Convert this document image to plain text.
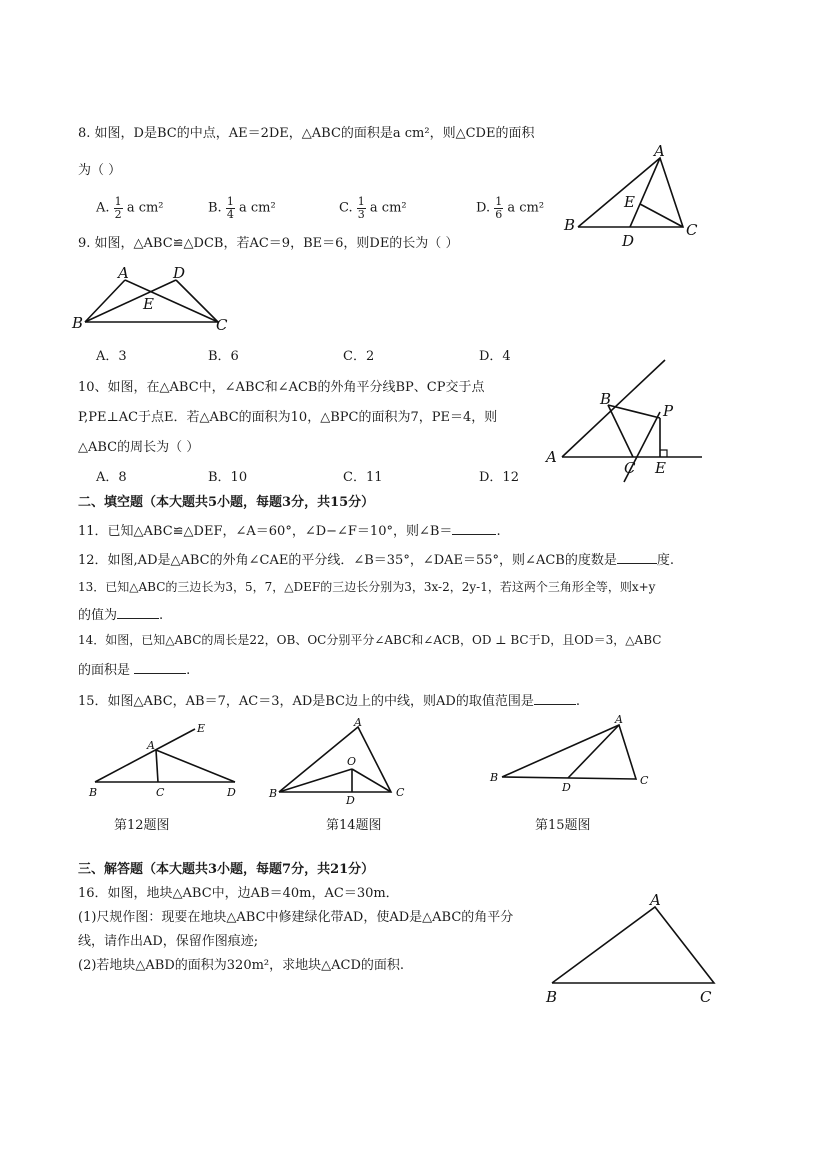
8. 如图，D是BC的中点，AE＝2DE，△ABC的面积是a cm²，则△CDE的面积
为（ ）
A. $\frac{1}{2}$ a cm²	B. $\frac{1}{4}$ a cm²	C. $\frac{1}{3}$ a cm²	D. $\frac{1}{6}$ a cm²
A
B	C
D
E
9. 如图，△ABC≌△DCB，若AC＝9，BE＝6，则DE的长为（ ）
A	D
E
B	C
A．3	B．6	C．2	D．4
10、如图，在△ABC中，∠ABC和∠ACB的外角平分线BP、CP交于点
P,PE⊥AC于点E．若△ABC的面积为10，△BPC的面积为7，PE＝4，则
△ABC的周长为（ ）
A
B
P
C E
A．8	B．10	C．11	D．12
二、填空题（本大题共5小题，每题3分，共15分）
11．已知△ABC≌△DEF，∠A＝60°，∠D−∠F＝10°，则∠B＝	.
12．如图,AD是△ABC的外角∠CAE的平分线．∠B＝35°，∠DAE＝55°，则∠ACB的度数是	度.
13．已知△ABC的三边长为3，5，7，△DEF的三边长分别为3，3x-2，2y-1，若这两个三角形全等，则x+y
的值为	.
14．如图，已知△ABC的周长是22，OB、OC分别平分∠ABC和∠ACB，OD ⊥ BC于D，且OD＝3，△ABC
的面积是	.
15．如图△ABC，AB＝7，AC＝3，AD是BC边上的中线，则AD的取值范围是	.
E
A
B	C	D
A
O
B	C
D
A
B	C
D
第12题图	第14题图	第15题图
三、解答题（本大题共3小题，每题7分，共21分）
16．如图，地块△ABC中，边AB＝40m，AC＝30m．
(1)尺规作图：现要在地块△ABC中修建绿化带AD，使AD是△ABC的角平分
线，请作出AD，保留作图痕迹;
(2)若地块△ABD的面积为320m²，求地块△ACD的面积.
A
B	C
